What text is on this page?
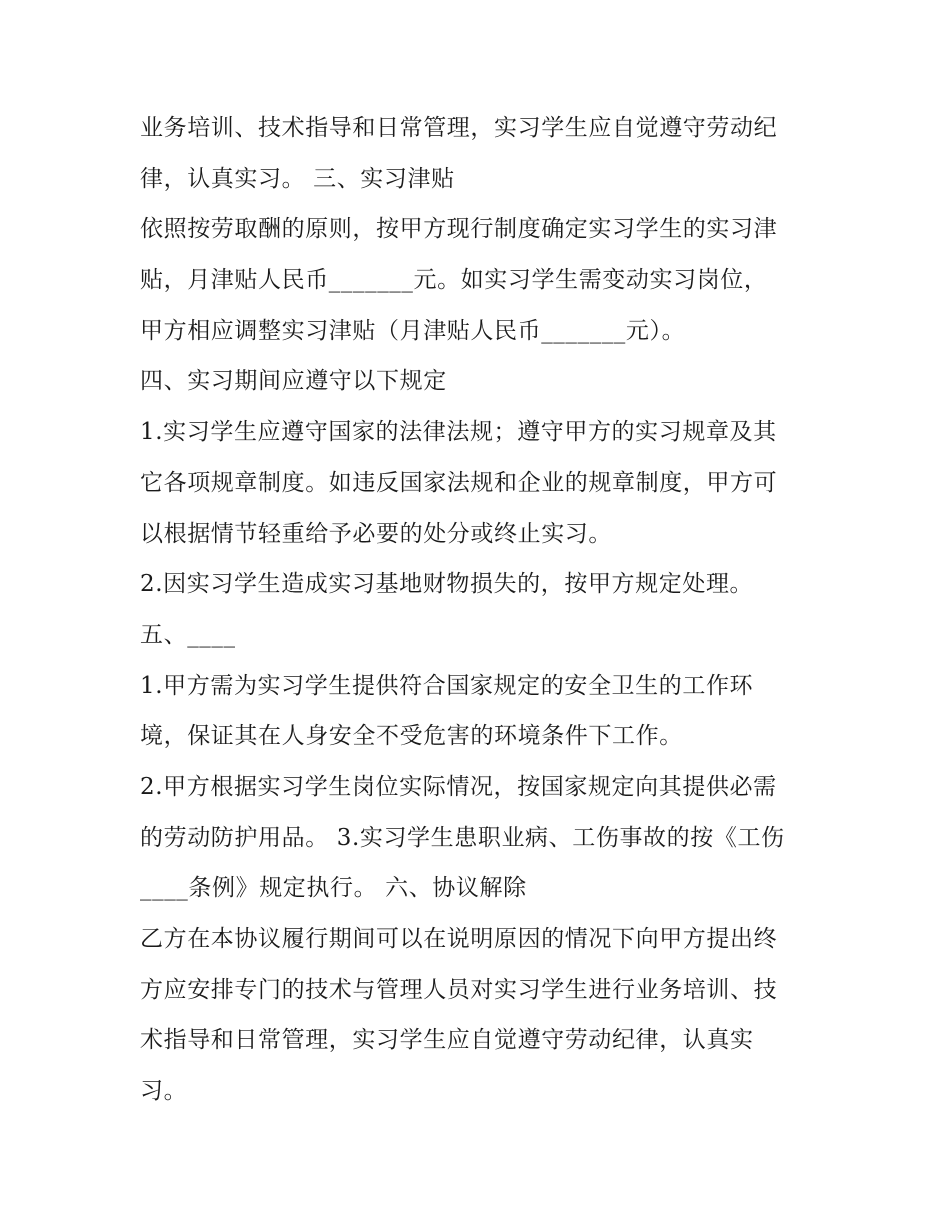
业务培训、技术指导和日常管理，实习学生应自觉遵守劳动纪
律，认真实习。 三、实习津贴
依照按劳取酬的原则，按甲方现行制度确定实习学生的实习津
贴，月津贴人民币_______元。如实习学生需变动实习岗位，
甲方相应调整实习津贴（月津贴人民币_______元）。
四、实习期间应遵守以下规定
1.实习学生应遵守国家的法律法规；遵守甲方的实习规章及其
它各项规章制度。如违反国家法规和企业的规章制度，甲方可
以根据情节轻重给予必要的处分或终止实习。
2.因实习学生造成实习基地财物损失的，按甲方规定处理。
五、____
1.甲方需为实习学生提供符合国家规定的安全卫生的工作环
境，保证其在人身安全不受危害的环境条件下工作。
2.甲方根据实习学生岗位实际情况，按国家规定向其提供必需
的劳动防护用品。 3.实习学生患职业病、工伤事故的按《工伤
____条例》规定执行。 六、协议解除
乙方在本协议履行期间可以在说明原因的情况下向甲方提出终
方应安排专门的技术与管理人员对实习学生进行业务培训、技
术指导和日常管理，实习学生应自觉遵守劳动纪律，认真实
习。
